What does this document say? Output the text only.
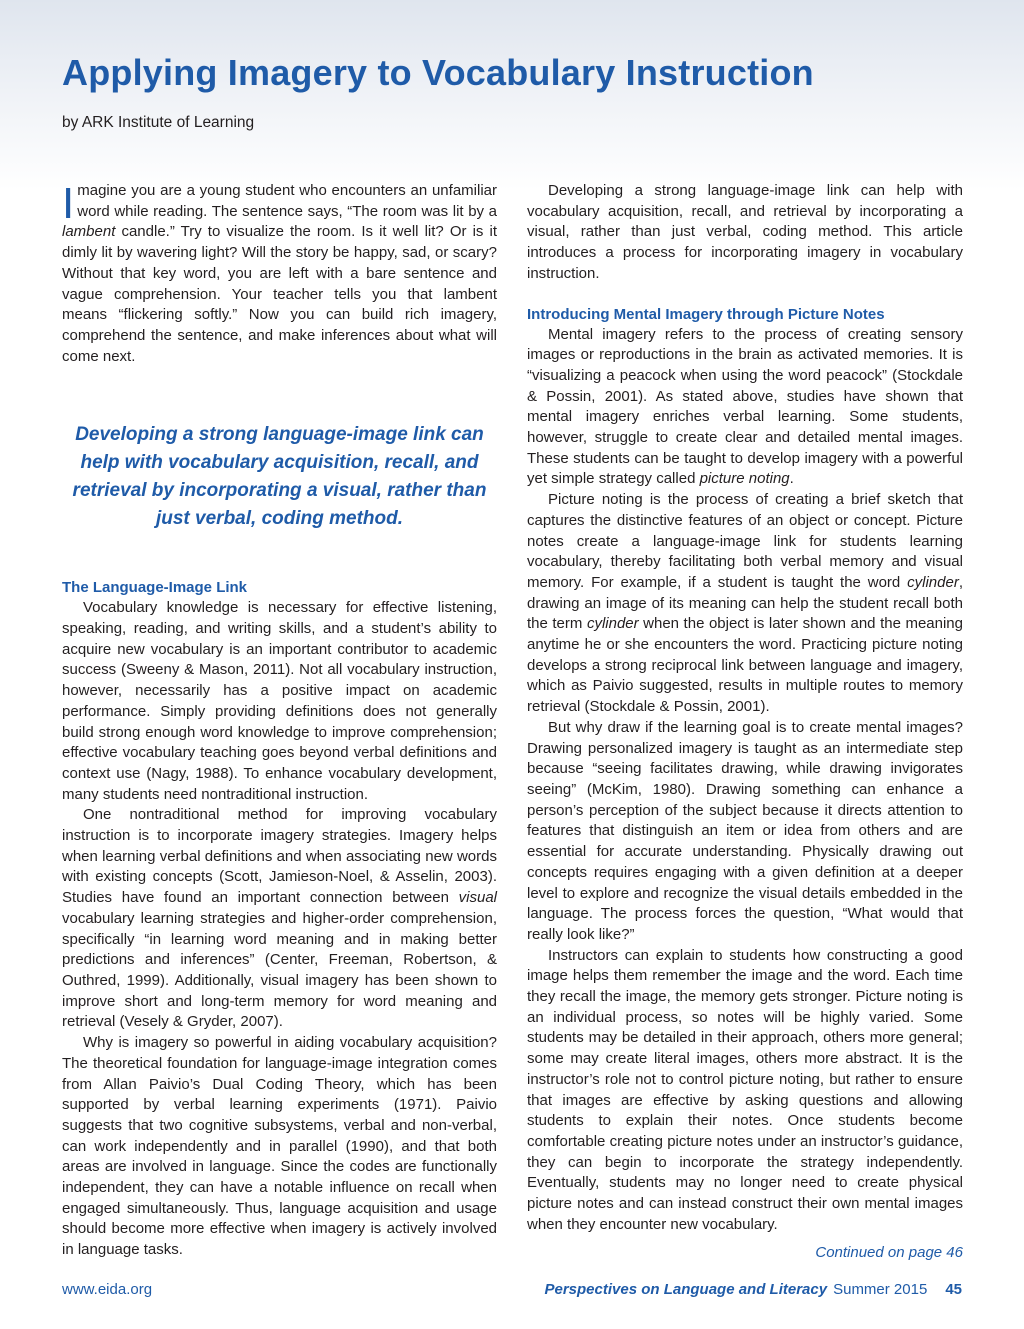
Applying Imagery to Vocabulary Instruction
by ARK Institute of Learning

Imagine you are a young student who encounters an unfamiliar word while reading. The sentence says, “The room was lit by a lambent candle.” Try to visualize the room. Is it well lit? Or is it dimly lit by wavering light? Will the story be happy, sad, or scary? Without that key word, you are left with a bare sentence and vague comprehension. Your teacher tells you that lambent means “flickering softly.” Now you can build rich imagery, comprehend the sentence, and make inferences about what will come next.

Developing a strong language-image link can help with vocabulary acquisition, recall, and retrieval by incorporating a visual, rather than just verbal, coding method.
The Language-Image Link

Vocabulary knowledge is necessary for effective listening, speaking, reading, and writing skills, and a student’s ability to acquire new vocabulary is an important contributor to academic success (Sweeny & Mason, 2011). Not all vocabulary instruction, however, necessarily has a positive impact on academic performance. Simply providing definitions does not generally build strong enough word knowledge to improve comprehension; effective vocabulary teaching goes beyond verbal definitions and context use (Nagy, 1988). To enhance vocabulary development, many students need nontraditional instruction.

One nontraditional method for improving vocabulary instruction is to incorporate imagery strategies. Imagery helps when learning verbal definitions and when associating new words with existing concepts (Scott, Jamieson-Noel, & Asselin, 2003). Studies have found an important connection between visual vocabulary learning strategies and higher-order comprehension, specifically “in learning word meaning and in making better predictions and inferences” (Center, Freeman, Robertson, & Outhred, 1999). Additionally, visual imagery has been shown to improve short and long-term memory for word meaning and retrieval (Vesely & Gryder, 2007).

Why is imagery so powerful in aiding vocabulary acquisition? The theoretical foundation for language-image integration comes from Allan Paivio’s Dual Coding Theory, which has been supported by verbal learning experiments (1971). Paivio suggests that two cognitive subsystems, verbal and non-verbal, can work independently and in parallel (1990), and that both areas are involved in language. Since the codes are functionally independent, they can have a notable influence on recall when engaged simultaneously. Thus, language acquisition and usage should become more effective when imagery is actively involved in language tasks.

Developing a strong language-image link can help with vocabulary acquisition, recall, and retrieval by incorporating a visual, rather than just verbal, coding method. This article introduces a process for incorporating imagery in vocabulary instruction.

Introducing Mental Imagery through Picture Notes

Mental imagery refers to the process of creating sensory images or reproductions in the brain as activated memories. It is “visualizing a peacock when using the word peacock” (Stockdale & Possin, 2001). As stated above, studies have shown that mental imagery enriches verbal learning. Some students, however, struggle to create clear and detailed mental images. These students can be taught to develop imagery with a powerful yet simple strategy called picture noting.

Picture noting is the process of creating a brief sketch that captures the distinctive features of an object or concept. Picture notes create a language-image link for students learning vocabulary, thereby facilitating both verbal memory and visual memory. For example, if a student is taught the word cylinder, drawing an image of its meaning can help the student recall both the term cylinder when the object is later shown and the meaning anytime he or she encounters the word. Practicing picture noting develops a strong reciprocal link between language and imagery, which as Paivio suggested, results in multiple routes to memory retrieval (Stockdale & Possin, 2001).

But why draw if the learning goal is to create mental images? Drawing personalized imagery is taught as an intermediate step because “seeing facilitates drawing, while drawing invigorates seeing” (McKim, 1980). Drawing something can enhance a person’s perception of the subject because it directs attention to features that distinguish an item or idea from others and are essential for accurate understanding. Physically drawing out concepts requires engaging with a given definition at a deeper level to explore and recognize the visual details embedded in the language. The process forces the question, “What would that really look like?”

Instructors can explain to students how constructing a good image helps them remember the image and the word. Each time they recall the image, the memory gets stronger. Picture noting is an individual process, so notes will be highly varied. Some students may be detailed in their approach, others more general; some may create literal images, others more abstract. It is the instructor’s role not to control picture noting, but rather to ensure that images are effective by asking questions and allowing students to explain their notes. Once students become comfortable creating picture notes under an instructor’s guidance, they can begin to incorporate the strategy independently. Eventually, students may no longer need to create physical picture notes and can instead construct their own mental images when they encounter new vocabulary.

Continued on page 46
www.eida.org	Perspectives on Language and Literacy Summer 2015 45
